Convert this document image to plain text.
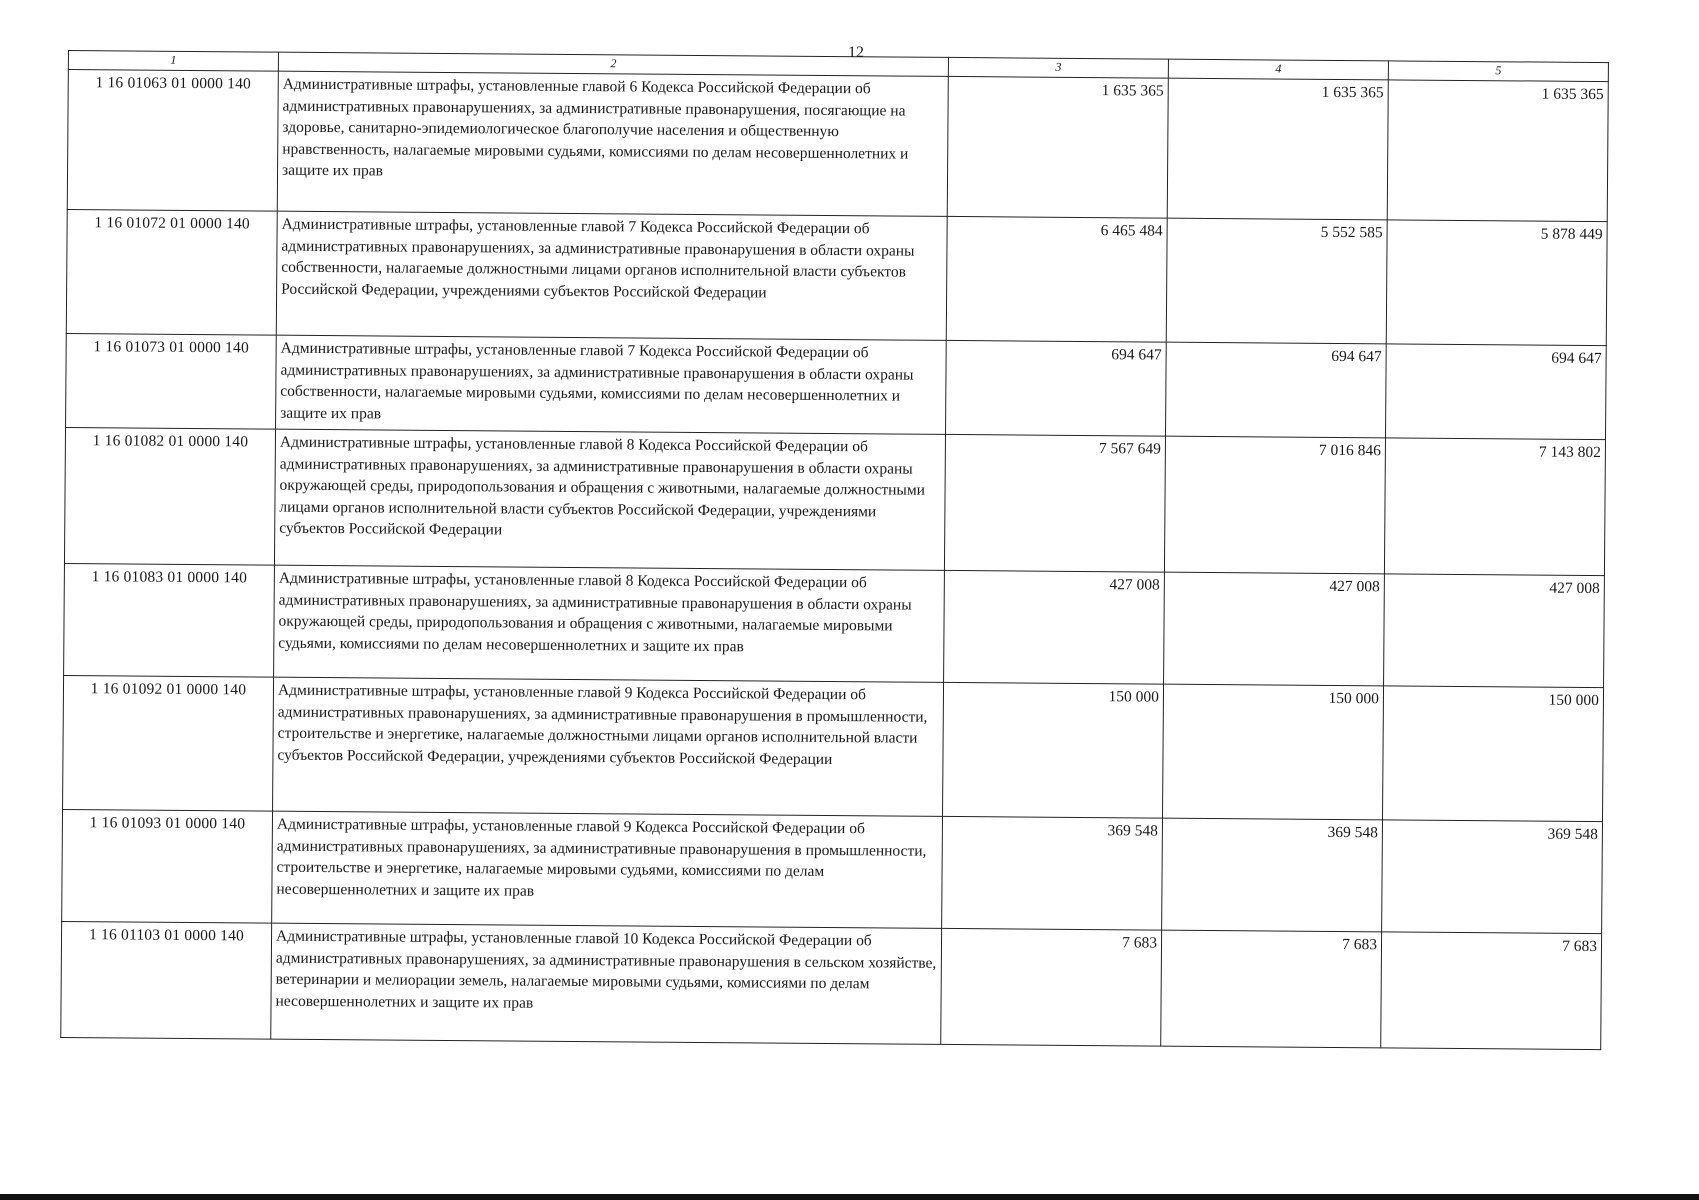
12
1	2	3	4	5
1 16 01063 01 0000 140	Административные штрафы, установленные главой 6 Кодекса Российской Федерации об административных правонарушениях, за административные правонарушения, посягающие на здоровье, санитарно-эпидемиологическое благополучие населения и общественную нравственность, налагаемые мировыми судьями, комиссиями по делам несовершеннолетних и защите их прав	1 635 365	1 635 365	1 635 365
1 16 01072 01 0000 140	Административные штрафы, установленные главой 7 Кодекса Российской Федерации об административных правонарушениях, за административные правонарушения в области охраны собственности, налагаемые должностными лицами органов исполнительной власти субъектов Российской Федерации, учреждениями субъектов Российской Федерации	6 465 484	5 552 585	5 878 449
1 16 01073 01 0000 140	Административные штрафы, установленные главой 7 Кодекса Российской Федерации об административных правонарушениях, за административные правонарушения в области охраны собственности, налагаемые мировыми судьями, комиссиями по делам несовершеннолетних и защите их прав	694 647	694 647	694 647
1 16 01082 01 0000 140	Административные штрафы, установленные главой 8 Кодекса Российской Федерации об административных правонарушениях, за административные правонарушения в области охраны окружающей среды, природопользования и обращения с животными, налагаемые должностными лицами органов исполнительной власти субъектов Российской Федерации, учреждениями субъектов Российской Федерации	7 567 649	7 016 846	7 143 802
1 16 01083 01 0000 140	Административные штрафы, установленные главой 8 Кодекса Российской Федерации об административных правонарушениях, за административные правонарушения в области охраны окружающей среды, природопользования и обращения с животными, налагаемые мировыми судьями, комиссиями по делам несовершеннолетних и защите их прав	427 008	427 008	427 008
1 16 01092 01 0000 140	Административные штрафы, установленные главой 9 Кодекса Российской Федерации об административных правонарушениях, за административные правонарушения в промышленности, строительстве и энергетике, налагаемые должностными лицами органов исполнительной власти субъектов Российской Федерации, учреждениями субъектов Российской Федерации	150 000	150 000	150 000
1 16 01093 01 0000 140	Административные штрафы, установленные главой 9 Кодекса Российской Федерации об административных правонарушениях, за административные правонарушения в промышленности, строительстве и энергетике, налагаемые мировыми судьями, комиссиями по делам несовершеннолетних и защите их прав	369 548	369 548	369 548
1 16 01103 01 0000 140	Административные штрафы, установленные главой 10 Кодекса Российской Федерации об административных правонарушениях, за административные правонарушения в сельском хозяйстве, ветеринарии и мелиорации земель, налагаемые мировыми судьями, комиссиями по делам несовершеннолетних и защите их прав	7 683	7 683	7 683
